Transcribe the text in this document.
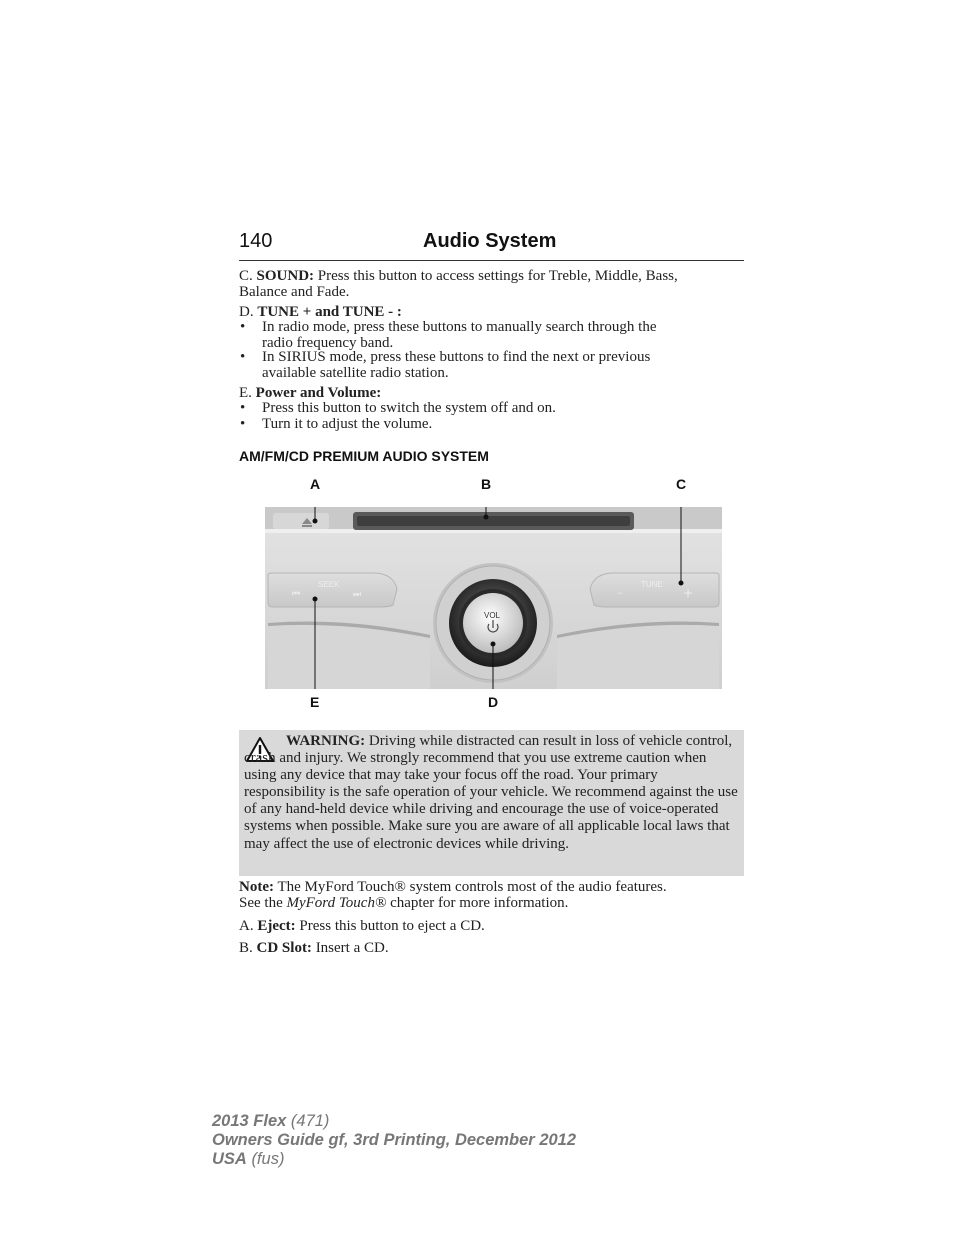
140	Audio System
C. SOUND: Press this button to access settings for Treble, Middle, Bass,
Balance and Fade.
D. TUNE + and TUNE - :
• In radio mode, press these buttons to manually search through the
radio frequency band.
• In SIRIUS mode, press these buttons to find the next or previous
available satellite radio station.
E. Power and Volume:
• Press this button to switch the system off and on.
• Turn it to adjust the volume.
AM/FM/CD PREMIUM AUDIO SYSTEM
A	B	C
D
E
SEEK
⏮	⏭
TUNE
–	+
VOL
WARNING: Driving while distracted can result in loss of vehicle control, crash and injury. We strongly recommend that you use extreme caution when using any device that may take your focus off the road. Your primary responsibility is the safe operation of your vehicle. We recommend against the use of any hand-held device while driving and encourage the use of voice-operated systems when possible. Make sure you are aware of all applicable local laws that may affect the use of electronic devices while driving.
Note: The MyFord Touch® system controls most of the audio features.
See the MyFord Touch® chapter for more information.
A. Eject: Press this button to eject a CD.
B. CD Slot: Insert a CD.
2013 Flex (471)
Owners Guide gf, 3rd Printing, December 2012
USA (fus)
